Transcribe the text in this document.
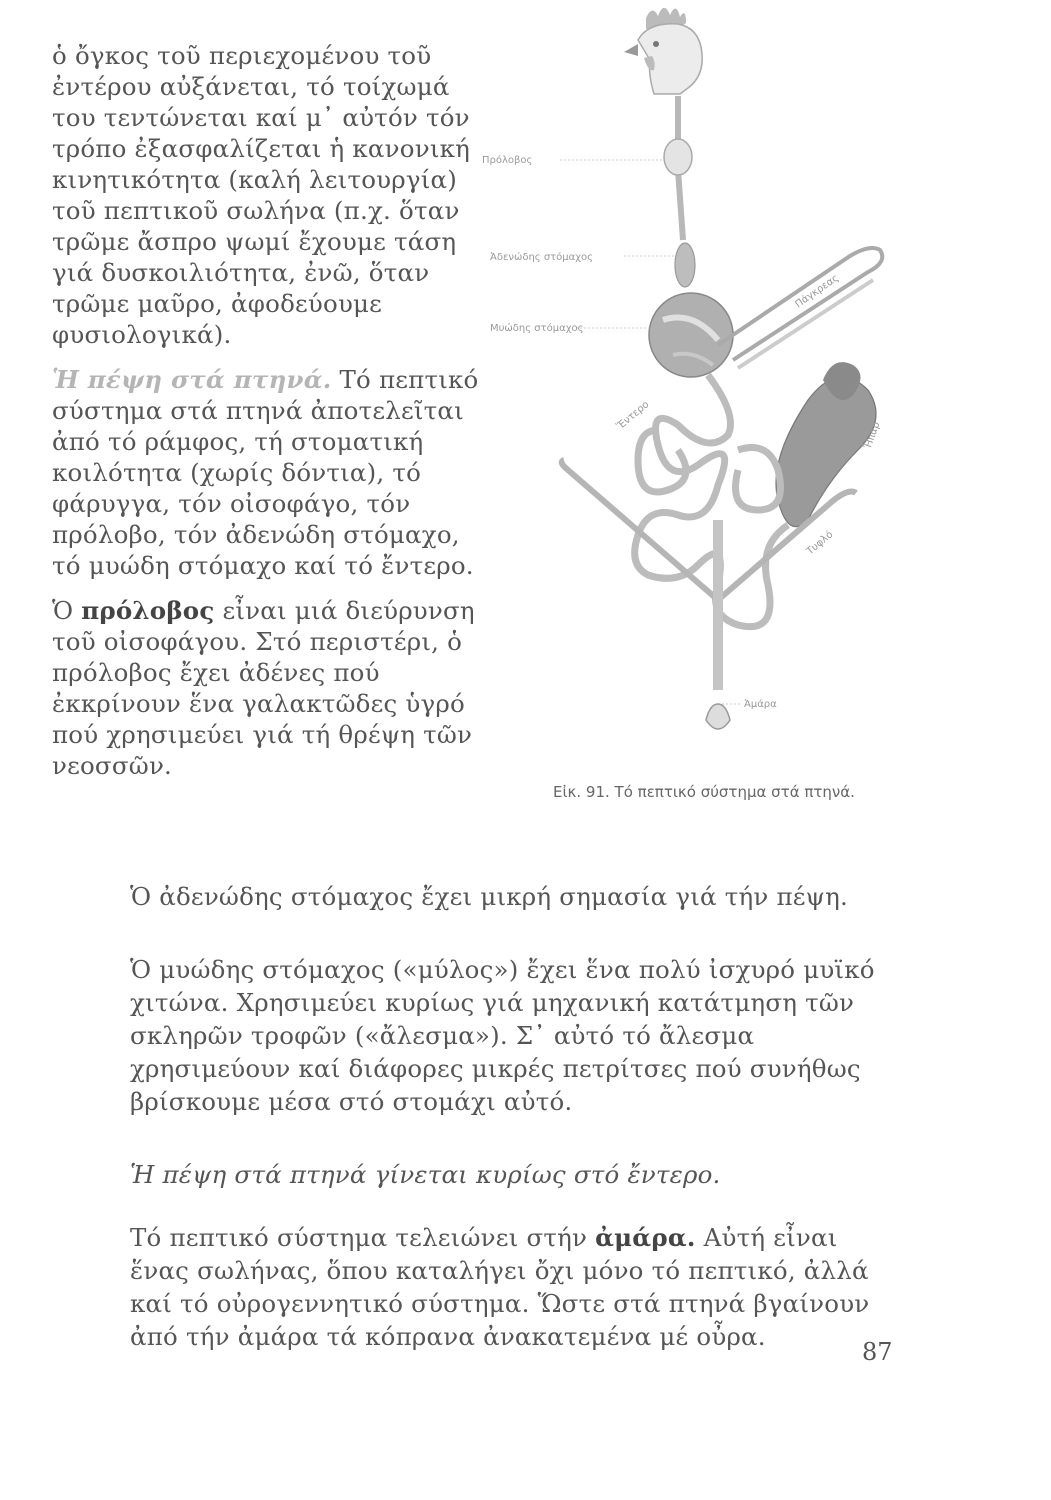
ὁ ὄγκος τοῦ περιεχομένου τοῦ ἐντέρου αὐξάνεται, τό τοίχωμά του τεντώνεται καί μ᾽ αὐτόν τόν τρόπο ἐξασφαλίζεται ἡ κανονική κινητικότητα (καλή λειτουργία) τοῦ πεπτικοῦ σωλήνα (π.χ. ὅταν τρῶμε ἄσπρο ψωμί ἔχουμε τάση γιά δυσκοιλιότητα, ἐνῶ, ὅταν τρῶμε μαῦρο, ἀφοδεύουμε φυσιολογικά).

Ἡ πέψη στά πτηνά. Τό πεπτικό σύστημα στά πτηνά ἀποτελεῖται ἀπό τό ράμφος, τή στοματική κοιλότητα (χωρίς δόντια), τό φάρυγγα, τόν οἰσοφάγο, τόν πρόλοβο, τόν ἀδενώδη στόμαχο, τό μυώδη στόμαχο καί τό ἔντερο.

Ὁ πρόλοβος εἶναι μιά διεύρυνση τοῦ οἰσοφάγου. Στό περιστέρι, ὁ πρόλοβος ἔχει ἀδένες πού ἐκκρίνουν ἕνα γαλακτῶδες ὑγρό πού χρησιμεύει γιά τή θρέψη τῶν νεοσσῶν.

Πρόλοβος
Ἀδενώδης στόμαχος
Μυώδης στόμαχος
Πάγκρεας
Ἔντερο
Ἧπαρ
Τυφλό
Ἀμάρα
Εἰκ. 91. Τό πεπτικό σύστημα στά πτηνά.

Ὁ ἀδενώδης στόμαχος ἔχει μικρή σημασία γιά τήν πέψη.

Ὁ μυώδης στόμαχος («μύλος») ἔχει ἕνα πολύ ἰσχυρό μυϊκό χιτώνα. Χρησιμεύει κυρίως γιά μηχανική κατάτμηση τῶν σκληρῶν τροφῶν («ἄλεσμα»). Σ᾽ αὐτό τό ἄλεσμα χρησιμεύουν καί διάφορες μικρές πετρίτσες πού συνήθως βρίσκουμε μέσα στό στομάχι αὐτό.

Ἡ πέψη στά πτηνά γίνεται κυρίως στό ἔντερο.

Τό πεπτικό σύστημα τελειώνει στήν ἀμάρα. Αὐτή εἶναι ἕνας σωλήνας, ὅπου καταλήγει ὄχι μόνο τό πεπτικό, ἀλλά καί τό οὐρογεννητικό σύστημα. Ὥστε στά πτηνά βγαίνουν ἀπό τήν ἀμάρα τά κόπρανα ἀνακατεμένα μέ οὖρα.

87
